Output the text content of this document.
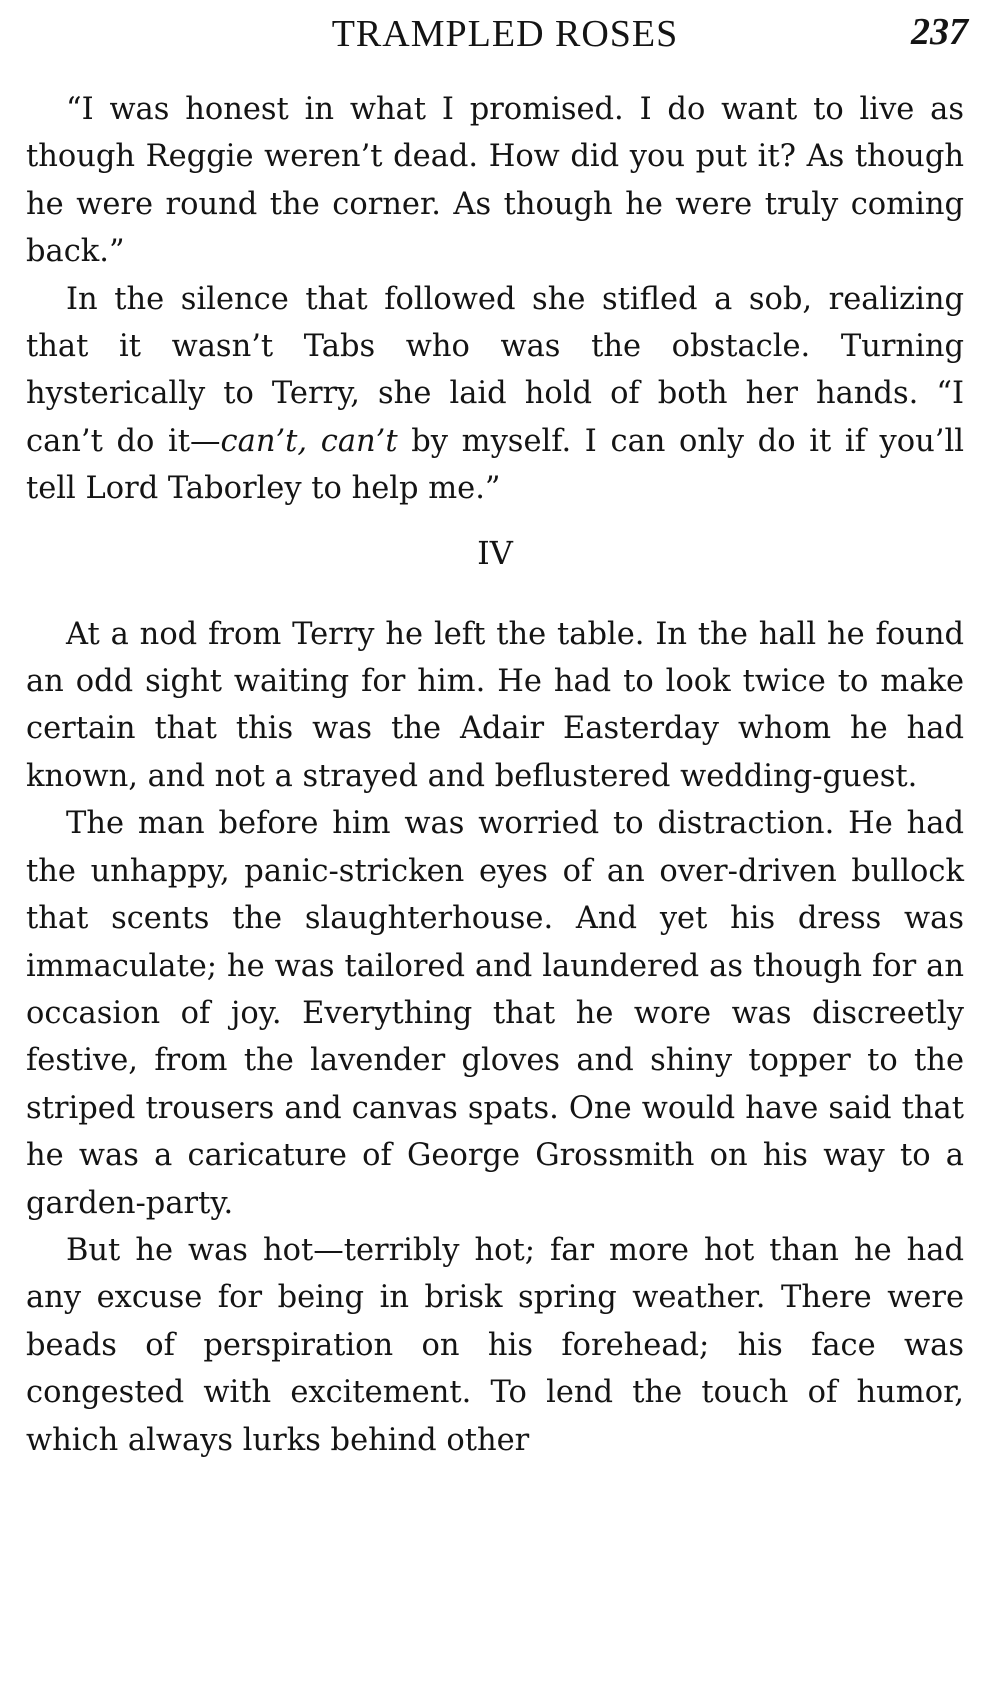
TRAMPLED ROSES	237

“I was honest in what I promised. I do want to live as though Reggie weren’t dead. How did you put it? As though he were round the corner. As though he were truly coming back.”

In the silence that followed she stifled a sob, realizing that it wasn’t Tabs who was the obstacle. Turning hysterically to Terry, she laid hold of both her hands. “I can’t do it—can’t, can’t by myself. I can only do it if you’ll tell Lord Taborley to help me.”

IV

At a nod from Terry he left the table. In the hall he found an odd sight waiting for him. He had to look twice to make certain that this was the Adair Easterday whom he had known, and not a strayed and beflustered wedding-guest.

The man before him was worried to distraction. He had the unhappy, panic-stricken eyes of an over-driven bullock that scents the slaughterhouse. And yet his dress was immaculate; he was tailored and laundered as though for an occasion of joy. Everything that he wore was discreetly festive, from the lavender gloves and shiny topper to the striped trousers and canvas spats. One would have said that he was a caricature of George Grossmith on his way to a garden-party.

But he was hot—terribly hot; far more hot than he had any excuse for being in brisk spring weather. There were beads of perspiration on his forehead; his face was congested with excitement. To lend the touch of humor, which always lurks behind other
